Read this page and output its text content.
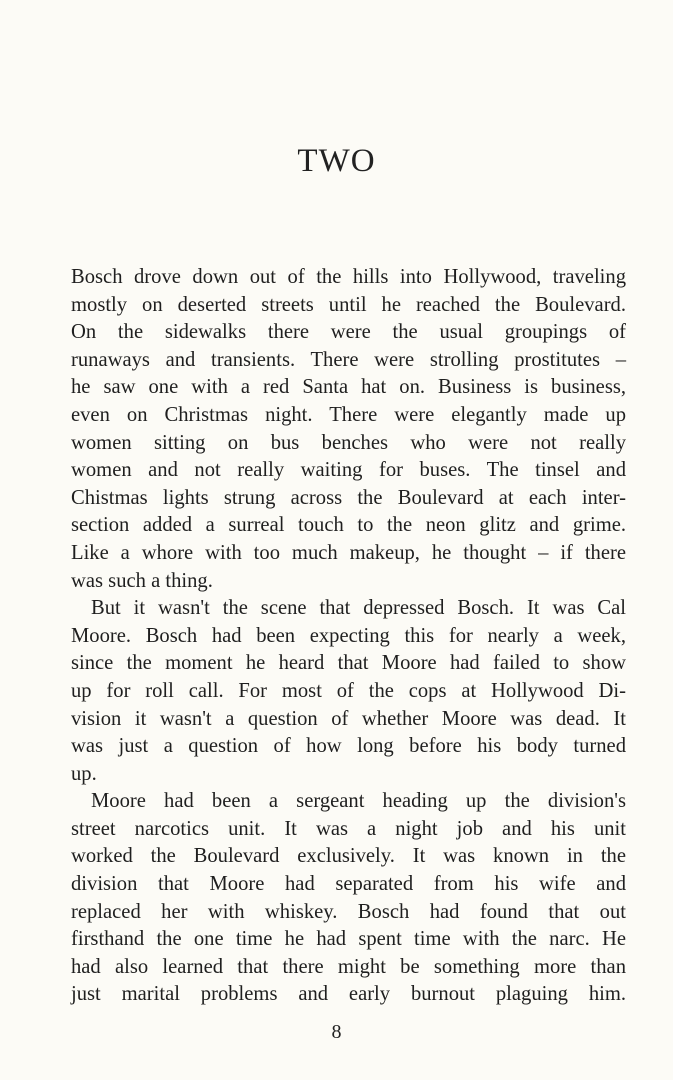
TWO
Bosch drove down out of the hills into Hollywood, traveling
mostly on deserted streets until he reached the Boulevard.
On the sidewalks there were the usual groupings of
runaways and transients. There were strolling prostitutes –
he saw one with a red Santa hat on. Business is business,
even on Christmas night. There were elegantly made up
women sitting on bus benches who were not really
women and not really waiting for buses. The tinsel and
Chistmas lights strung across the Boulevard at each inter-
section added a surreal touch to the neon glitz and grime.
Like a whore with too much makeup, he thought – if there
was such a thing.
But it wasn't the scene that depressed Bosch. It was Cal
Moore. Bosch had been expecting this for nearly a week,
since the moment he heard that Moore had failed to show
up for roll call. For most of the cops at Hollywood Di-
vision it wasn't a question of whether Moore was dead. It
was just a question of how long before his body turned
up.
Moore had been a sergeant heading up the division's
street narcotics unit. It was a night job and his unit
worked the Boulevard exclusively. It was known in the
division that Moore had separated from his wife and
replaced her with whiskey. Bosch had found that out
firsthand the one time he had spent time with the narc. He
had also learned that there might be something more than
just marital problems and early burnout plaguing him.
8
